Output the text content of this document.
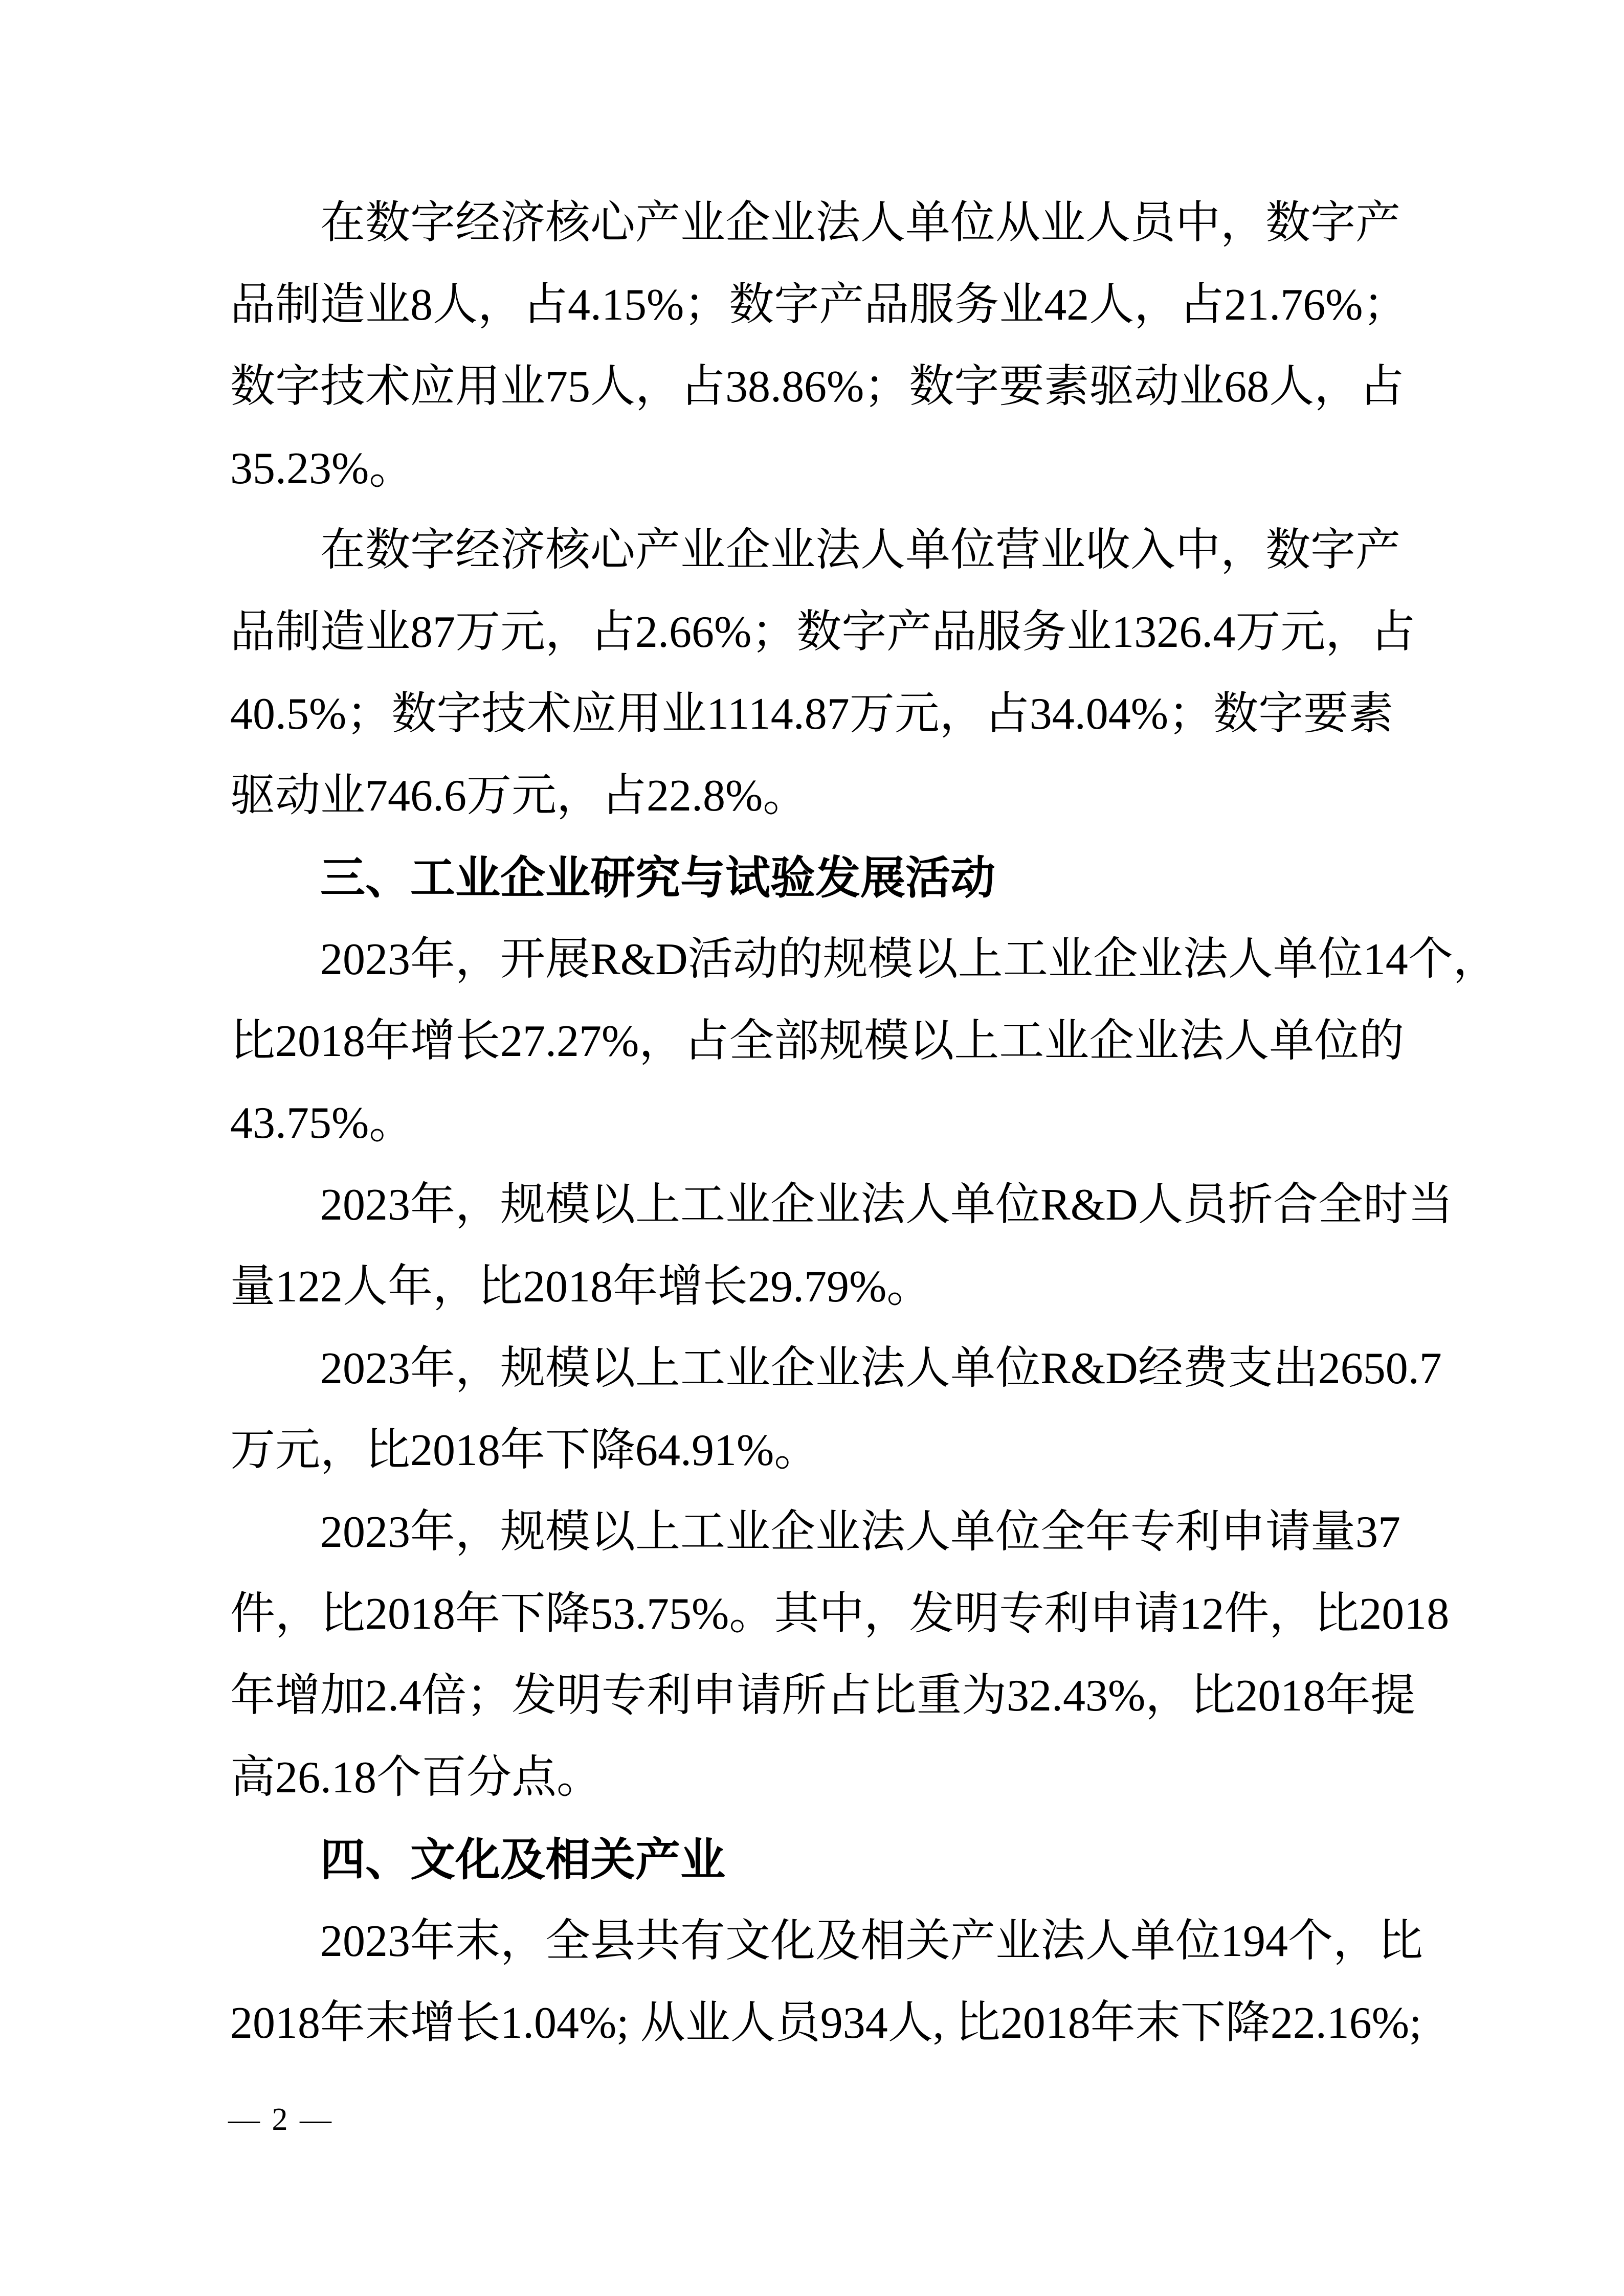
在数字经济核心产业企业法人单位从业人员中，数字产
品制造业8人，占4.15%；数字产品服务业42人，占21.76%；
数字技术应用业75人，占38.86%；数字要素驱动业68人，占
35.23%。
在数字经济核心产业企业法人单位营业收入中，数字产
品制造业87万元，占2.66%；数字产品服务业1326.4万元，占
40.5%；数字技术应用业1114.87万元，占34.04%；数字要素
驱动业746.6万元，占22.8%。
三、工业企业研究与试验发展活动
2023年，开展R&D活动的规模以上工业企业法人单位14个，
比2018年增长27.27%，占全部规模以上工业企业法人单位的
43.75%。
2023年，规模以上工业企业法人单位R&D人员折合全时当
量122人年，比2018年增长29.79%。
2023年，规模以上工业企业法人单位R&D经费支出2650.7
万元，比2018年下降64.91%。
2023年，规模以上工业企业法人单位全年专利申请量37
件，比2018年下降53.75%。其中，发明专利申请12件，比2018
年增加2.4倍；发明专利申请所占比重为32.43%，比2018年提
高26.18个百分点。
四、文化及相关产业
2023年末，全县共有文化及相关产业法人单位194个，比
2018年末增长1.04%; 从业人员934人, 比2018年末下降22.16%;
— 2 —
